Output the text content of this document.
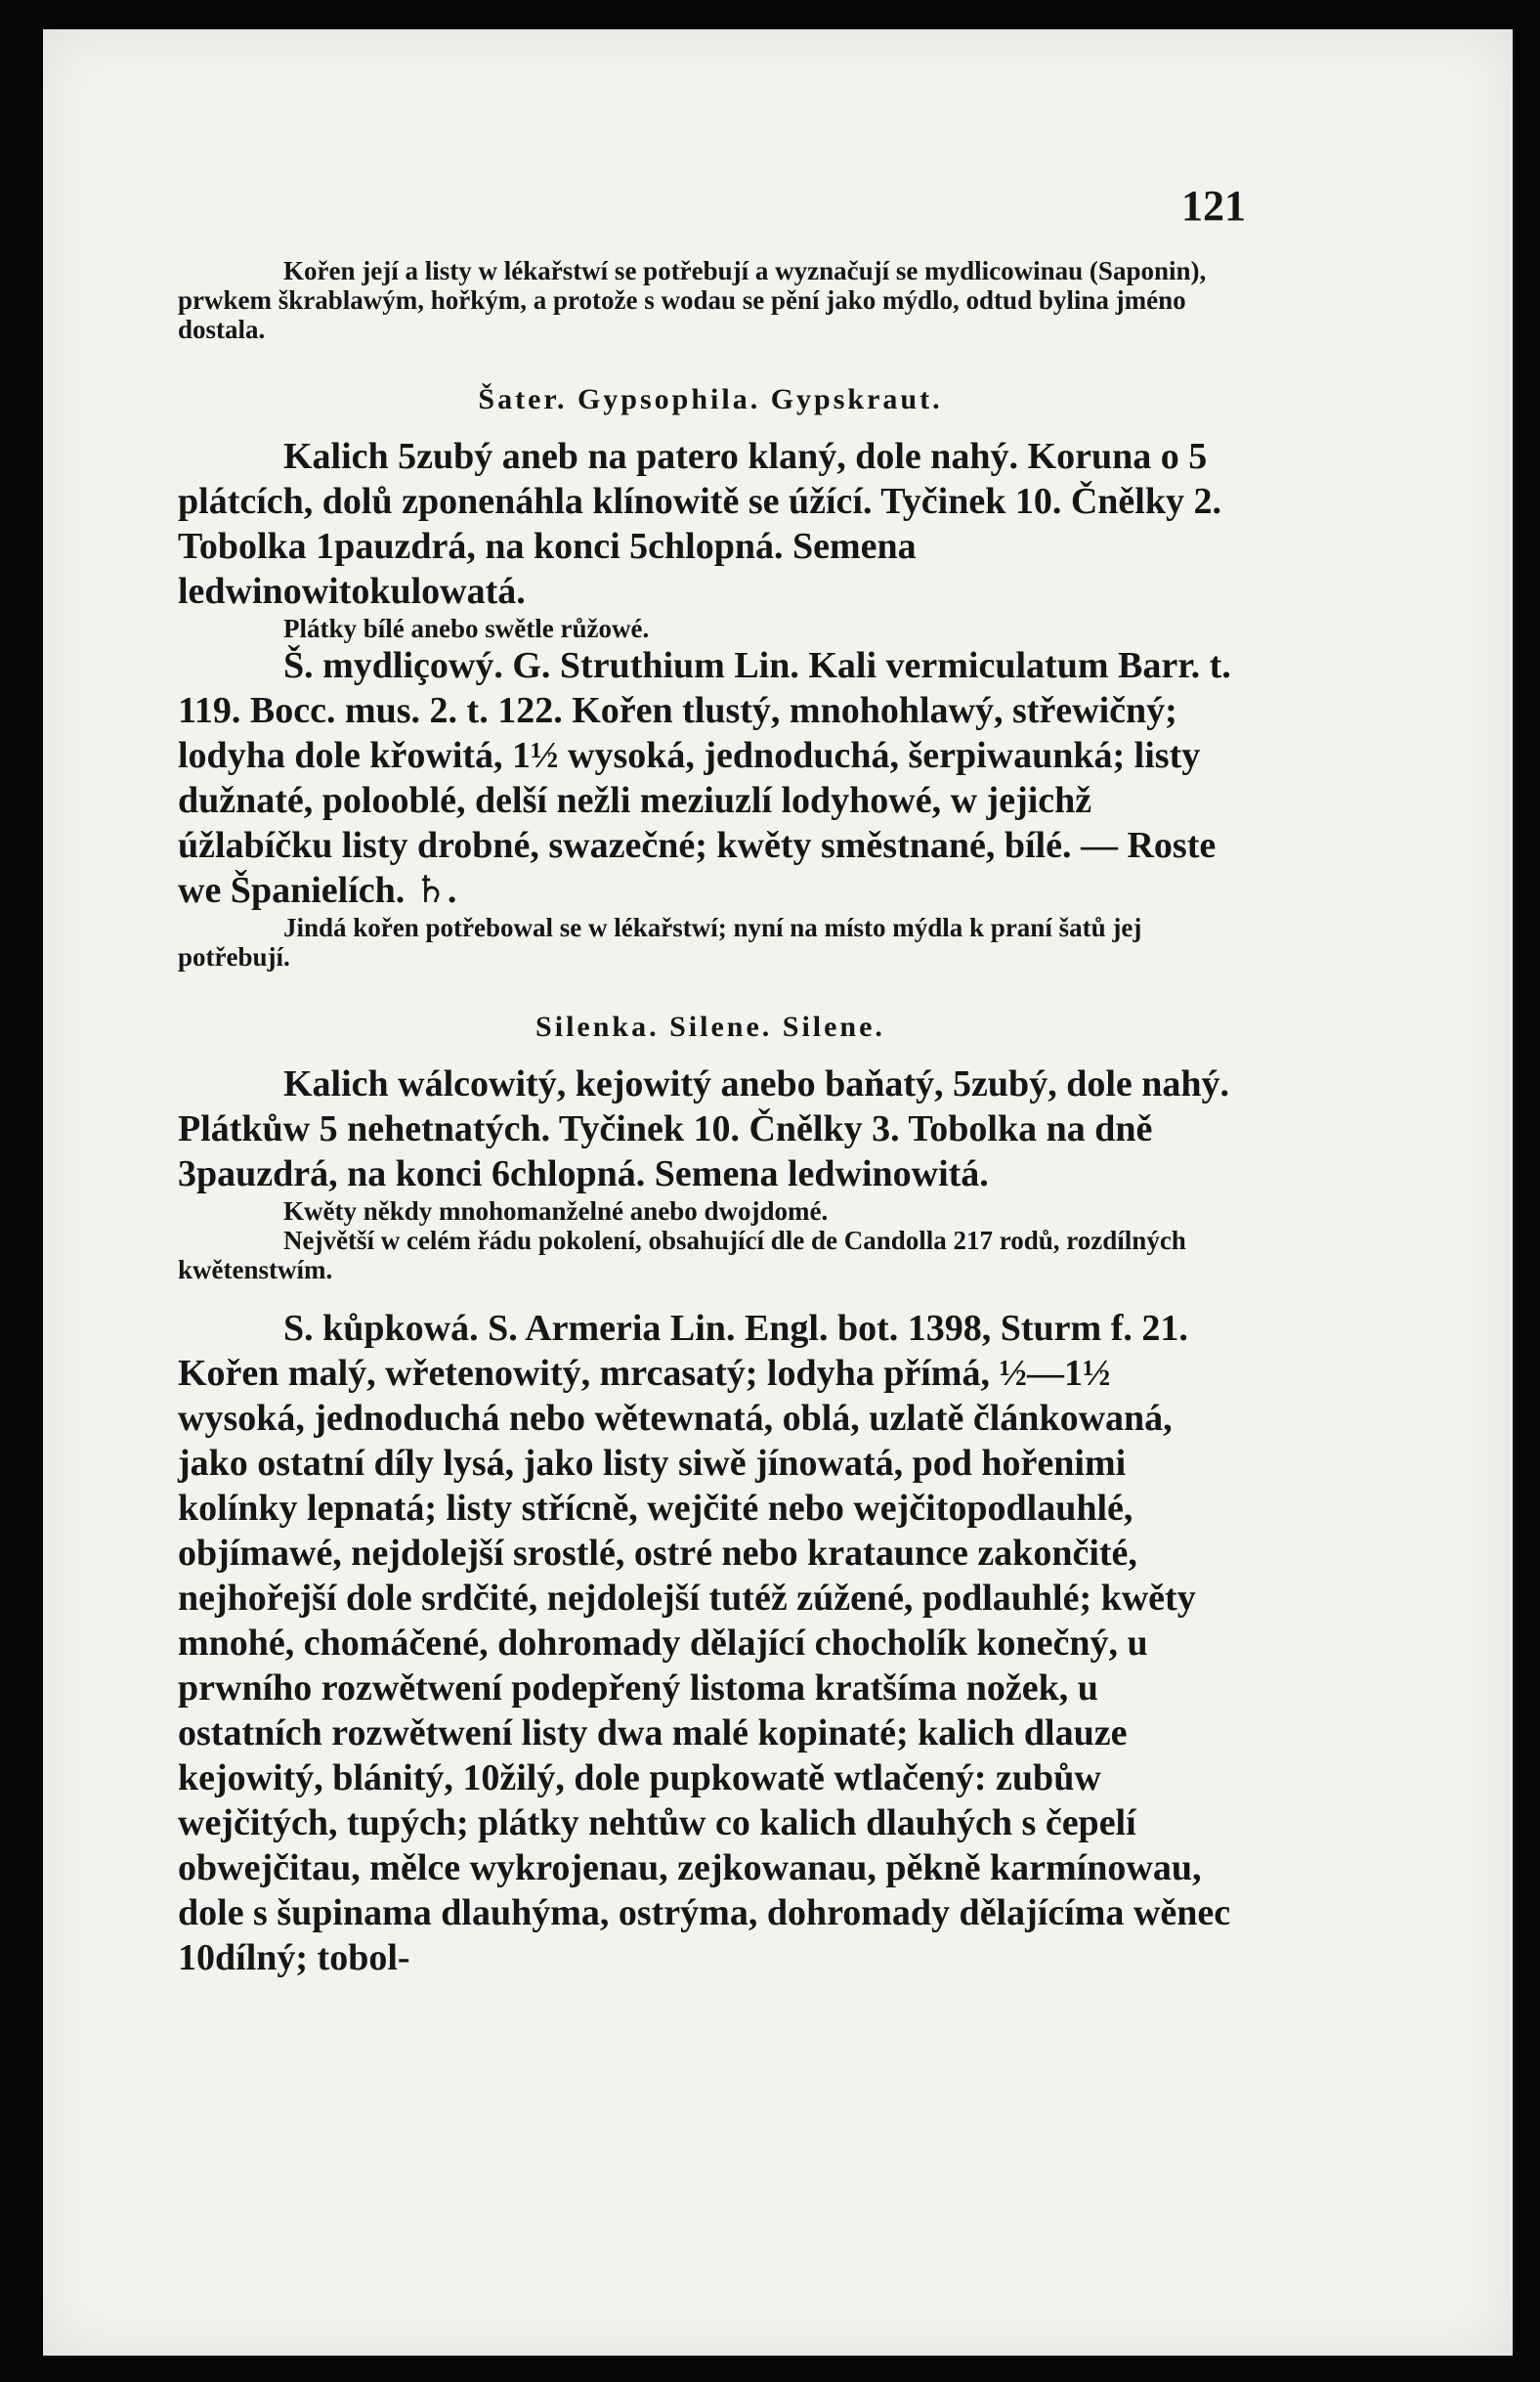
121

Kořen její a listy w lékařstwí se potřebují a wyznačují se mydlicowinau (Saponin), prwkem škrablawým, hořkým, a protože s wodau se pění jako mýdlo, odtud bylina jméno dostala.

Šater. Gypsophila. Gypskraut.

Kalich 5zubý aneb na patero klaný, dole nahý. Koruna o 5 plátcích, dolů zponenáhla klínowitě se úžící. Tyčinek 10. Čnělky 2. Tobolka 1pauzdrá, na konci 5chlopná. Semena ledwinowitokulowatá.

Plátky bílé anebo swětle růžowé.

Š. mydliçowý. G. Struthium Lin. Kali vermiculatum Barr. t. 119. Bocc. mus. 2. t. 122. Kořen tlustý, mnohohlawý, střewičný; lodyha dole křowitá, 1½ wysoká, jednoduchá, šerpiwaunká; listy dužnaté, polooblé, delší nežli meziuzlí lodyhowé, w jejichž úžlabíčku listy drobné, swazečné; kwěty směstnané, bílé. — Roste we Španielích. ♄.

Jindá kořen potřebowal se w lékařstwí; nyní na místo mýdla k praní šatů jej potřebují.

Silenka. Silene. Silene.

Kalich wálcowitý, kejowitý anebo baňatý, 5zubý, dole nahý. Plátkůw 5 nehetnatých. Tyčinek 10. Čnělky 3. Tobolka na dně 3pauzdrá, na konci 6chlopná. Semena ledwinowitá.

Kwěty někdy mnohomanželné anebo dwojdomé.

Největší w celém řádu pokolení, obsahující dle de Candolla 217 rodů, rozdílných kwětenstwím.

S. kůpkowá. S. Armeria Lin. Engl. bot. 1398, Sturm f. 21. Kořen malý, wřetenowitý, mrcasatý; lodyha přímá, ½—1½ wysoká, jednoduchá nebo wětewnatá, oblá, uzlatě článkowaná, jako ostatní díly lysá, jako listy siwě jínowatá, pod hořenimi kolínky lepnatá; listy střícně, wejčité nebo wejčitopodlauhlé, objímawé, nejdolejší srostlé, ostré nebo krataunce zakončité, nejhořejší dole srdčité, nejdolejší tutéž zúžené, podlauhlé; kwěty mnohé, chomáčené, dohromady dělající chocholík konečný, u prwního rozwětwení podepřený listoma kratšíma nožek, u ostatních rozwětwení listy dwa malé kopinaté; kalich dlauze kejowitý, blánitý, 10žilý, dole pupkowatě wtlačený: zubůw wejčitých, tupých; plátky nehtůw co kalich dlauhých s čepelí obwejčitau, mělce wykrojenau, zejkowanau, pěkně karmínowau, dole s šupinama dlauhýma, ostrýma, dohromady dělajícíma wěnec 10dílný; tobol-
